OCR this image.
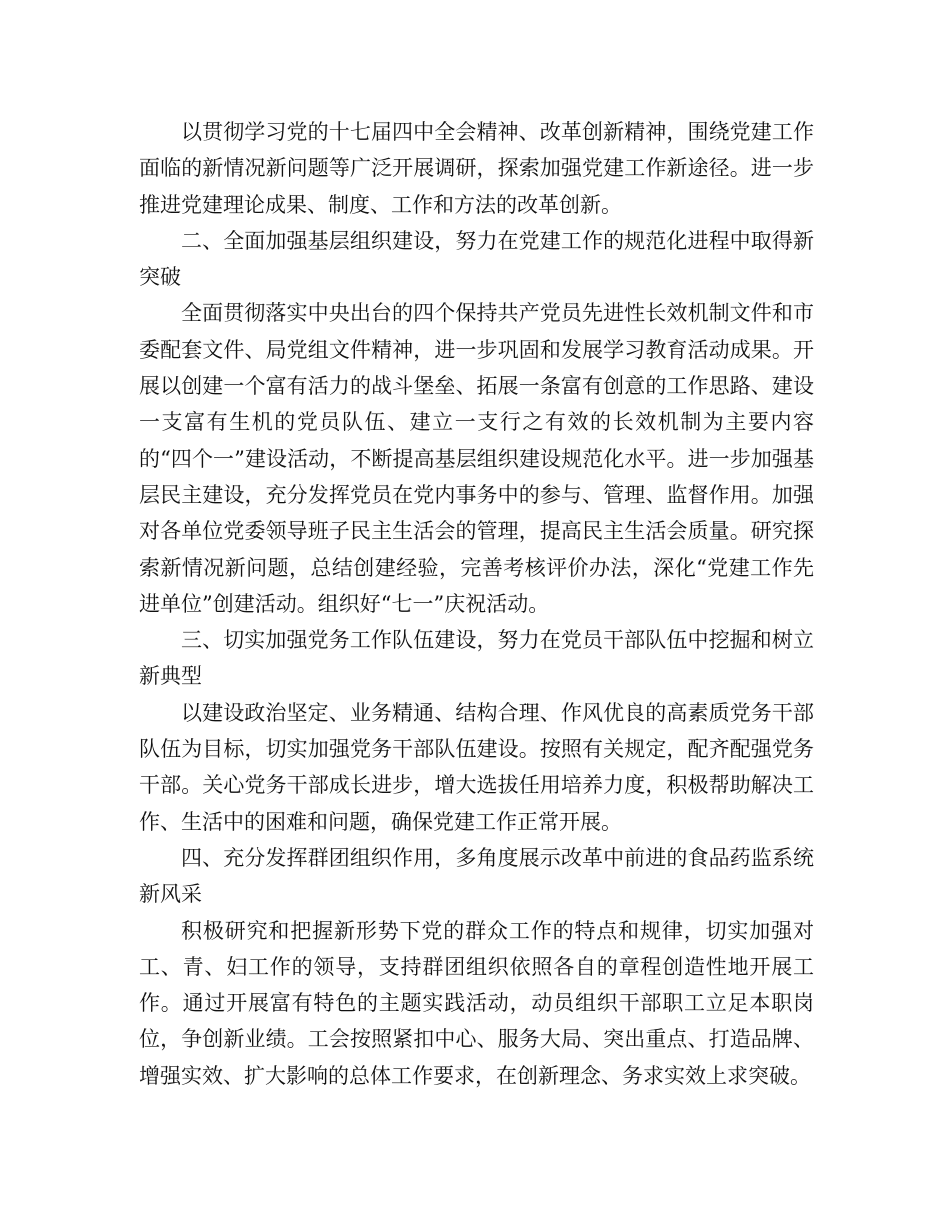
以贯彻学习党的十七届四中全会精神、改革创新精神，围绕党建工作面临的新情况新问题等广泛开展调研，探索加强党建工作新途径。进一步推进党建理论成果、制度、工作和方法的改革创新。

二、全面加强基层组织建设，努力在党建工作的规范化进程中取得新突破

全面贯彻落实中央出台的四个保持共产党员先进性长效机制文件和市委配套文件、局党组文件精神，进一步巩固和发展学习教育活动成果。开展以创建一个富有活力的战斗堡垒、拓展一条富有创意的工作思路、建设一支富有生机的党员队伍、建立一支行之有效的长效机制为主要内容的“四个一”建设活动，不断提高基层组织建设规范化水平。进一步加强基层民主建设，充分发挥党员在党内事务中的参与、管理、监督作用。加强对各单位党委领导班子民主生活会的管理，提高民主生活会质量。研究探索新情况新问题，总结创建经验，完善考核评价办法，深化“党建工作先进单位”创建活动。组织好“七一”庆祝活动。

三、切实加强党务工作队伍建设，努力在党员干部队伍中挖掘和树立新典型

以建设政治坚定、业务精通、结构合理、作风优良的高素质党务干部队伍为目标，切实加强党务干部队伍建设。按照有关规定，配齐配强党务干部。关心党务干部成长进步，增大选拔任用培养力度，积极帮助解决工作、生活中的困难和问题，确保党建工作正常开展。

四、充分发挥群团组织作用，多角度展示改革中前进的食品药监系统新风采

积极研究和把握新形势下党的群众工作的特点和规律，切实加强对工、青、妇工作的领导，支持群团组织依照各自的章程创造性地开展工作。通过开展富有特色的主题实践活动，动员组织干部职工立足本职岗位，争创新业绩。工会按照紧扣中心、服务大局、突出重点、打造品牌、增强实效、扩大影响的总体工作要求，在创新理念、务求实效上求突破。
